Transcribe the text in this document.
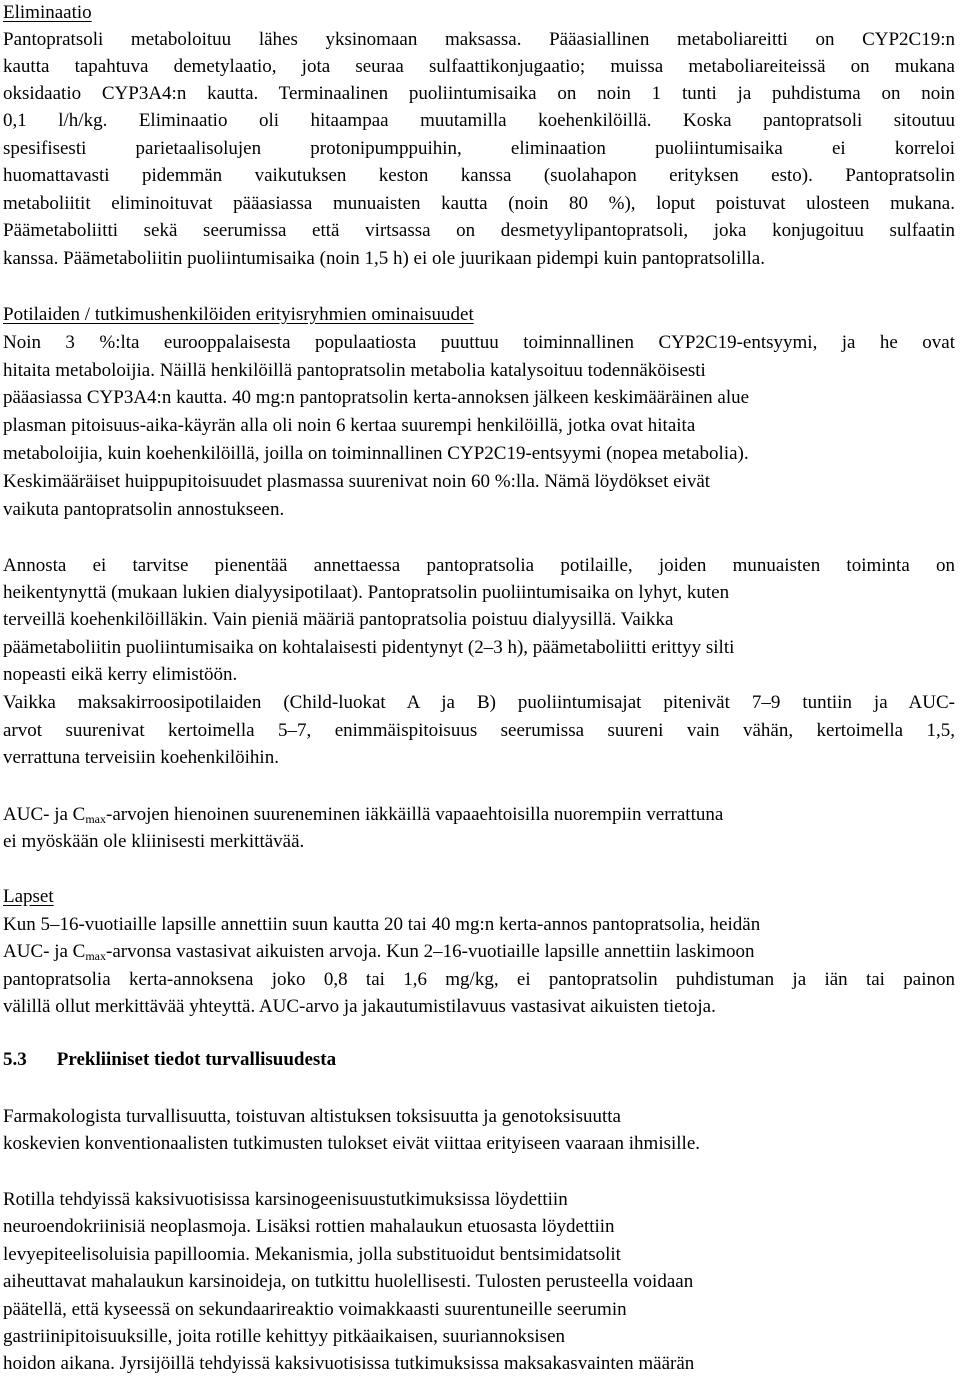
Eliminaatio
Pantopratsoli metaboloituu lähes yksinomaan maksassa. Pääasiallinen metaboliareitti on CYP2C19:n
kautta tapahtuva demetylaatio, jota seuraa sulfaattikonjugaatio; muissa metaboliareiteissä on mukana
oksidaatio CYP3A4:n kautta. Terminaalinen puoliintumisaika on noin 1 tunti ja puhdistuma on noin
0,1 l/h/kg. Eliminaatio oli hitaampaa muutamilla koehenkilöillä. Koska pantopratsoli sitoutuu
spesifisesti parietaalisolujen protonipumppuihin, eliminaation puoliintumisaika ei korreloi
huomattavasti pidemmän vaikutuksen keston kanssa (suolahapon erityksen esto). Pantopratsolin
metaboliitit eliminoituvat pääasiassa munuaisten kautta (noin 80 %), loput poistuvat ulosteen mukana.
Päämetaboliitti sekä seerumissa että virtsassa on desmetyylipantopratsoli, joka konjugoituu sulfaatin
kanssa. Päämetaboliitin puoliintumisaika (noin 1,5 h) ei ole juurikaan pidempi kuin pantopratsolilla.
Potilaiden / tutkimushenkilöiden erityisryhmien ominaisuudet
Noin 3 %:lta eurooppalaisesta populaatiosta puuttuu toiminnallinen CYP2C19-entsyymi, ja he ovat
hitaita metaboloijia. Näillä henkilöillä pantopratsolin metabolia katalysoituu todennäköisesti
pääasiassa CYP3A4:n kautta. 40 mg:n pantopratsolin kerta-annoksen jälkeen keskimääräinen alue
plasman pitoisuus-aika-käyrän alla oli noin 6 kertaa suurempi henkilöillä, jotka ovat hitaita
metaboloijia, kuin koehenkilöillä, joilla on toiminnallinen CYP2C19-entsyymi (nopea metabolia).
Keskimääräiset huippupitoisuudet plasmassa suurenivat noin 60 %:lla. Nämä löydökset eivät
vaikuta pantopratsolin annostukseen.
Annosta ei tarvitse pienentää annettaessa pantopratsolia potilaille, joiden munuaisten toiminta on
heikentynyttä (mukaan lukien dialyysipotilaat). Pantopratsolin puoliintumisaika on lyhyt, kuten
terveillä koehenkilöilläkin. Vain pieniä määriä pantopratsolia poistuu dialyysillä. Vaikka
päämetaboliitin puoliintumisaika on kohtalaisesti pidentynyt (2–3 h), päämetaboliitti erittyy silti
nopeasti eikä kerry elimistöön.
Vaikka maksakirroosipotilaiden (Child-luokat A ja B) puoliintumisajat pitenivät 7–9 tuntiin ja AUC-
arvot suurenivat kertoimella 5–7, enimmäispitoisuus seerumissa suureni vain vähän, kertoimella 1,5,
verrattuna terveisiin koehenkilöihin.
AUC- ja Cmax-arvojen hienoinen suureneminen iäkkäillä vapaaehtoisilla nuorempiin verrattuna
ei myöskään ole kliinisesti merkittävää.
Lapset
Kun 5–16-vuotiaille lapsille annettiin suun kautta 20 tai 40 mg:n kerta-annos pantopratsolia, heidän
AUC- ja Cmax-arvonsa vastasivat aikuisten arvoja. Kun 2–16-vuotiaille lapsille annettiin laskimoon
pantopratsolia kerta-annoksena joko 0,8 tai 1,6 mg/kg, ei pantopratsolin puhdistuman ja iän tai painon
välillä ollut merkittävää yhteyttä. AUC-arvo ja jakautumistilavuus vastasivat aikuisten tietoja.
5.3 Prekliiniset tiedot turvallisuudesta
Farmakologista turvallisuutta, toistuvan altistuksen toksisuutta ja genotoksisuutta
koskevien konventionaalisten tutkimusten tulokset eivät viittaa erityiseen vaaraan ihmisille.
Rotilla tehdyissä kaksivuotisissa karsinogeenisuustutkimuksissa löydettiin
neuroendokriinisiä neoplasmoja. Lisäksi rottien mahalaukun etuosasta löydettiin
levyepiteelisoluisia papilloomia. Mekanismia, jolla substituoidut bentsimidatsolit
aiheuttavat mahalaukun karsinoideja, on tutkittu huolellisesti. Tulosten perusteella voidaan
päätellä, että kyseessä on sekundaarireaktio voimakkaasti suurentuneille seerumin
gastriinipitoisuuksille, joita rotille kehittyy pitkäaikaisen, suuriannoksisen
hoidon aikana. Jyrsijöillä tehdyissä kaksivuotisissa tutkimuksissa maksakasvainten määrän
